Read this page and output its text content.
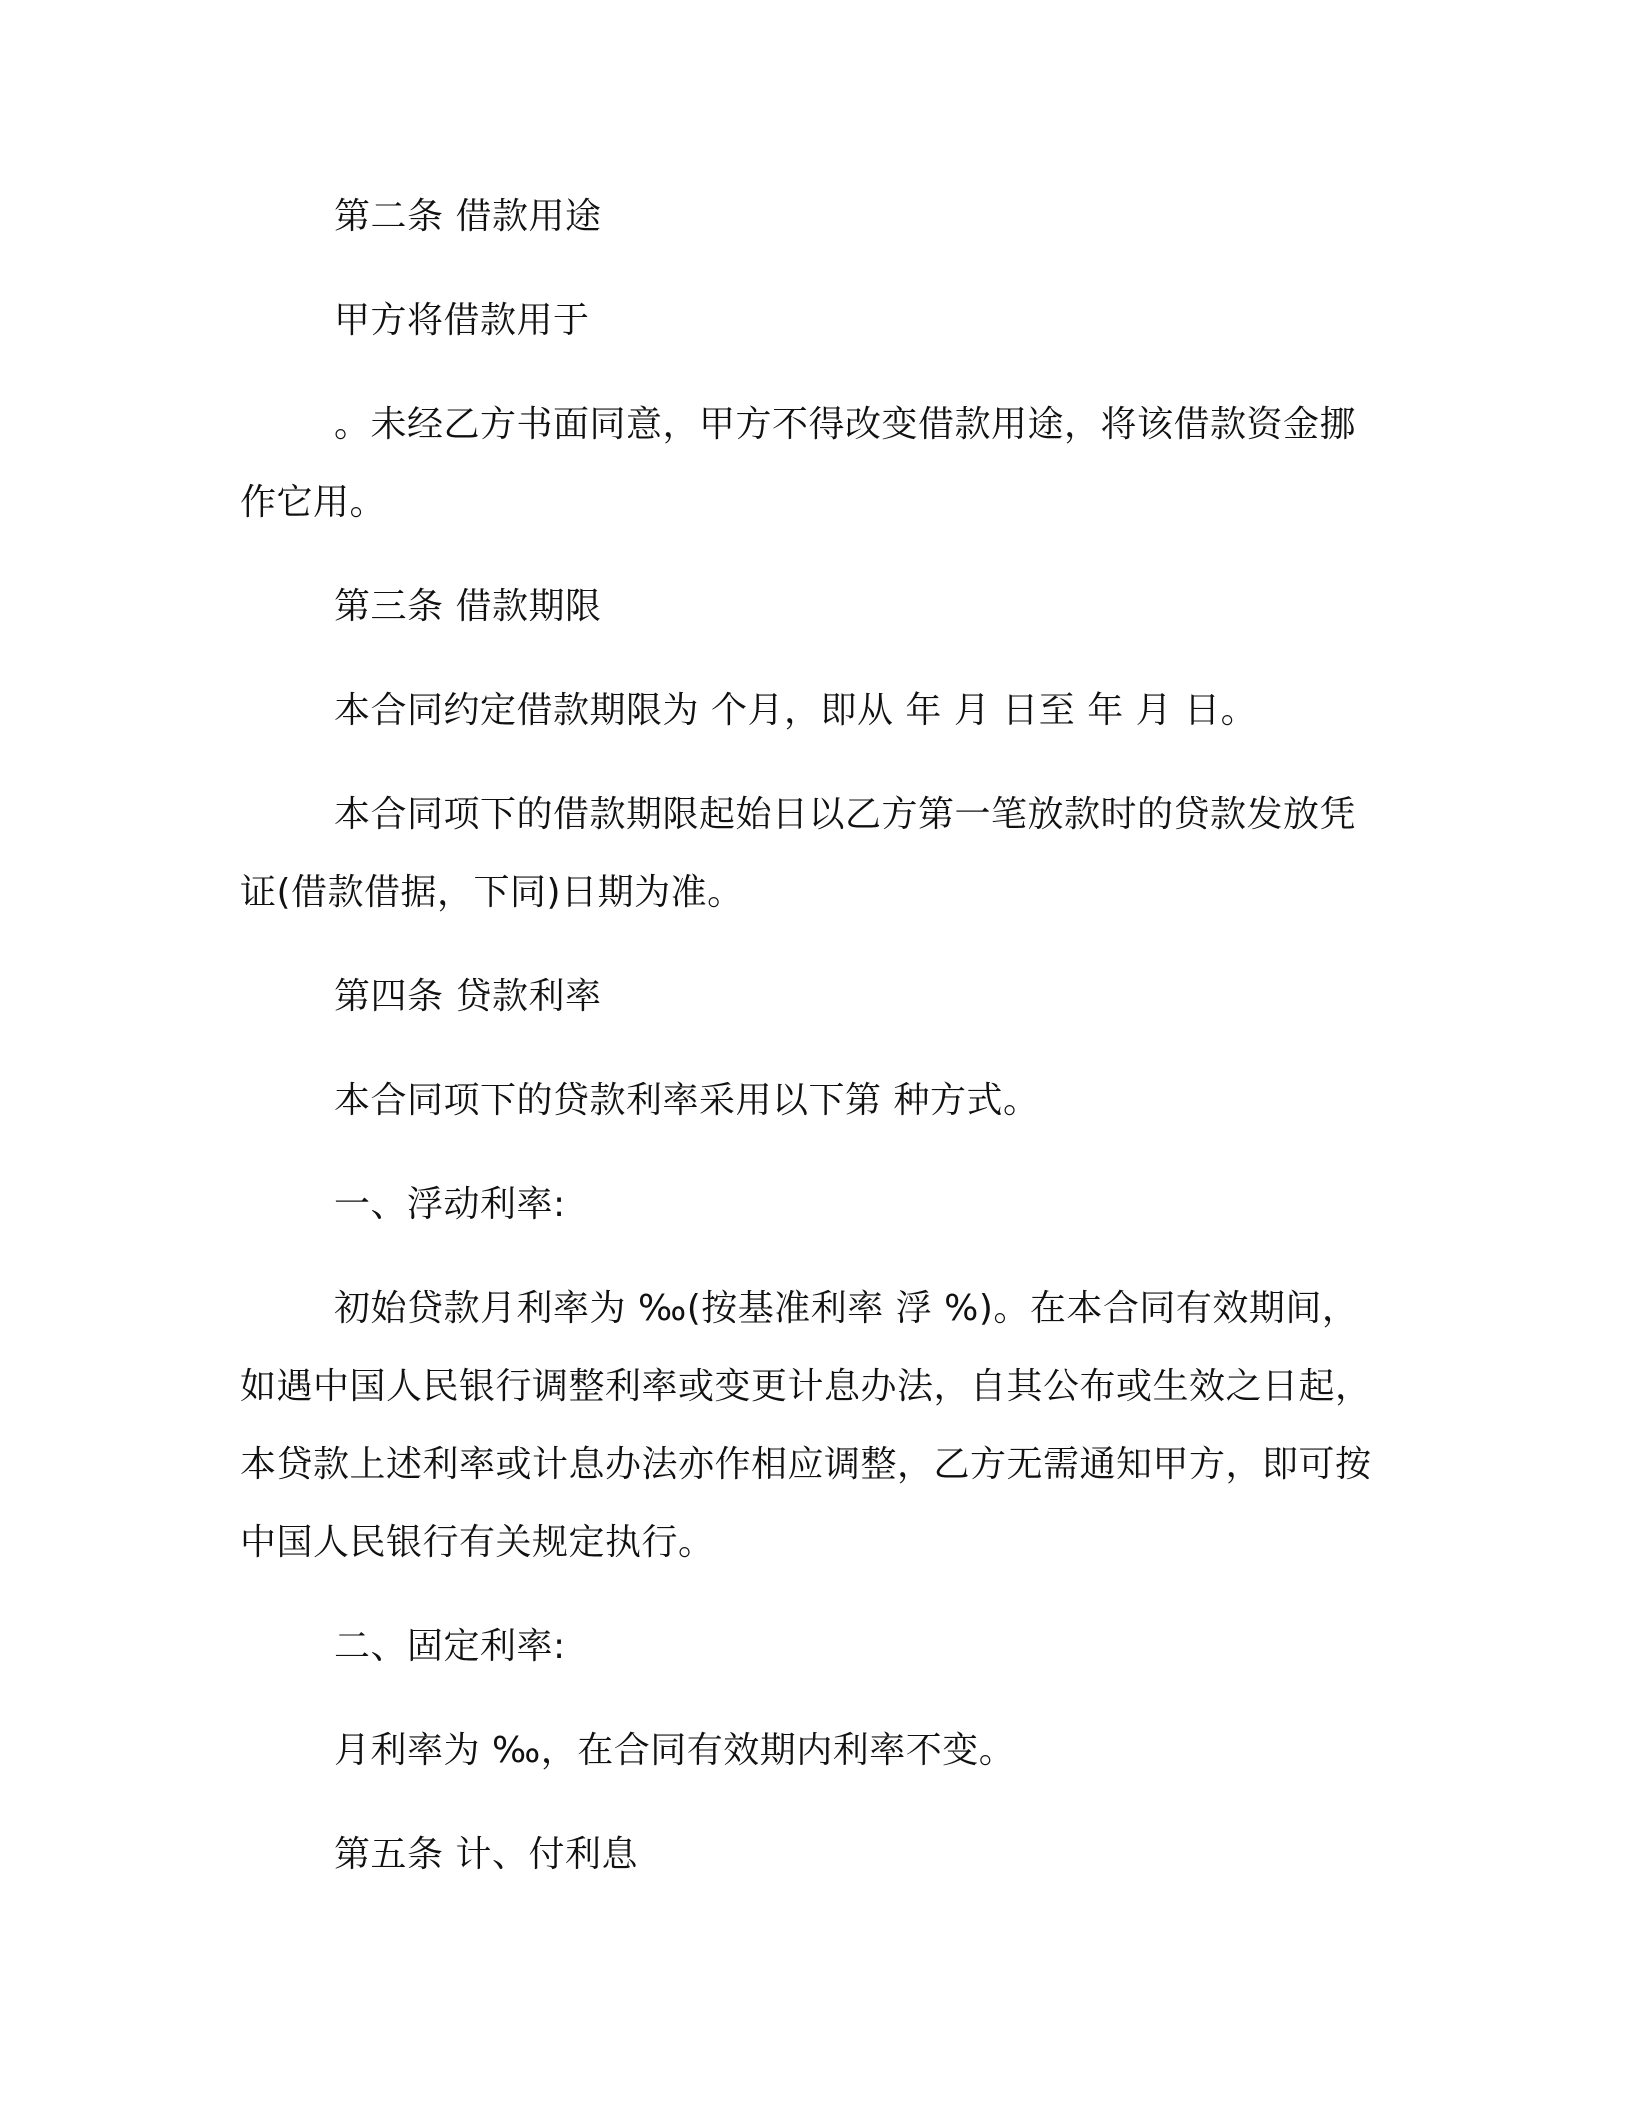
第二条 借款用途

甲方将借款用于

。未经乙方书面同意，甲方不得改变借款用途，将该借款资金挪作它用。

第三条 借款期限

本合同约定借款期限为 个月，即从 年 月 日至 年 月 日。

本合同项下的借款期限起始日以乙方第一笔放款时的贷款发放凭证(借款借据，下同)日期为准。

第四条 贷款利率

本合同项下的贷款利率采用以下第 种方式。

一、浮动利率:

初始贷款月利率为 ‰(按基准利率 浮 %)。在本合同有效期间，如遇中国人民银行调整利率或变更计息办法，自其公布或生效之日起，本贷款上述利率或计息办法亦作相应调整，乙方无需通知甲方，即可按中国人民银行有关规定执行。

二、固定利率:

月利率为 ‰，在合同有效期内利率不变。

第五条 计、付利息
